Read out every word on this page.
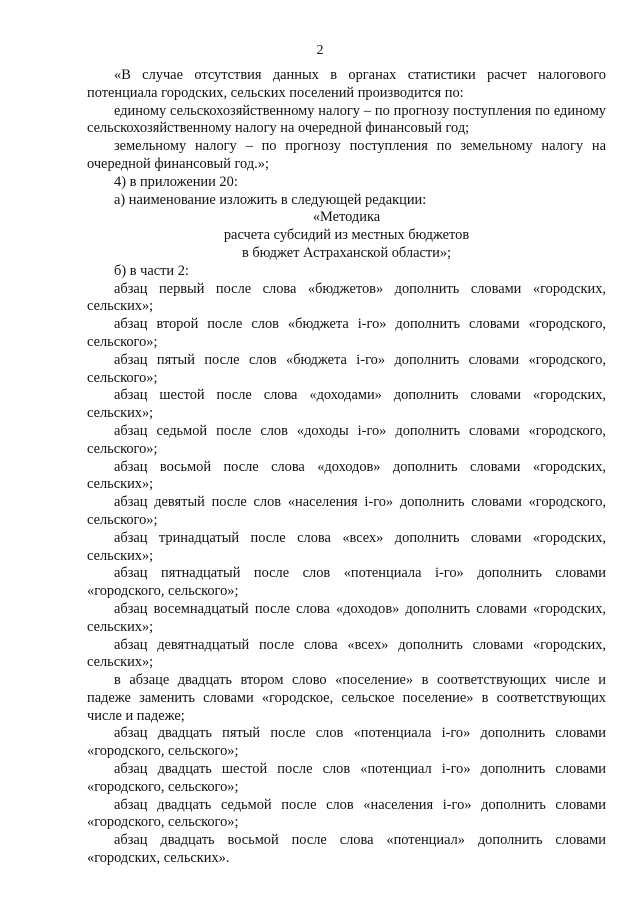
2

«В случае отсутствия данных в органах статистики расчет налогового потенциала городских, сельских поселений производится по:

единому сельскохозяйственному налогу – по прогнозу поступления по единому сельскохозяйственному налогу на очередной финансовый год;

земельному налогу – по прогнозу поступления по земельному налогу на очередной финансовый год.»;

4) в приложении 20:

а) наименование изложить в следующей редакции:

«Методика

расчета субсидий из местных бюджетов

в бюджет Астраханской области»;

б) в части 2:

абзац первый после слова «бюджетов» дополнить словами «городских, сельских»;

абзац второй после слов «бюджета i-го» дополнить словами «городского, сельского»;

абзац пятый после слов «бюджета i-го» дополнить словами «городского, сельского»;

абзац шестой после слова «доходами» дополнить словами «городских, сельских»;

абзац седьмой после слов «доходы i-го» дополнить словами «городского, сельского»;

абзац восьмой после слова «доходов» дополнить словами «городских, сельских»;

абзац девятый после слов «населения i-го» дополнить словами «городского, сельского»;

абзац тринадцатый после слова «всех» дополнить словами «городских, сельских»;

абзац пятнадцатый после слов «потенциала i-го» дополнить словами «городского, сельского»;

абзац восемнадцатый после слова «доходов» дополнить словами «городских, сельских»;

абзац девятнадцатый после слова «всех» дополнить словами «городских, сельских»;

в абзаце двадцать втором слово «поселение» в соответствующих числе и падеже заменить словами «городское, сельское поселение» в соответствующих числе и падеже;

абзац двадцать пятый после слов «потенциала i-го» дополнить словами «городского, сельского»;

абзац двадцать шестой после слов «потенциал i-го» дополнить словами «городского, сельского»;

абзац двадцать седьмой после слов «населения i-го» дополнить словами «городского, сельского»;

абзац двадцать восьмой после слова «потенциал» дополнить словами «городских, сельских».
